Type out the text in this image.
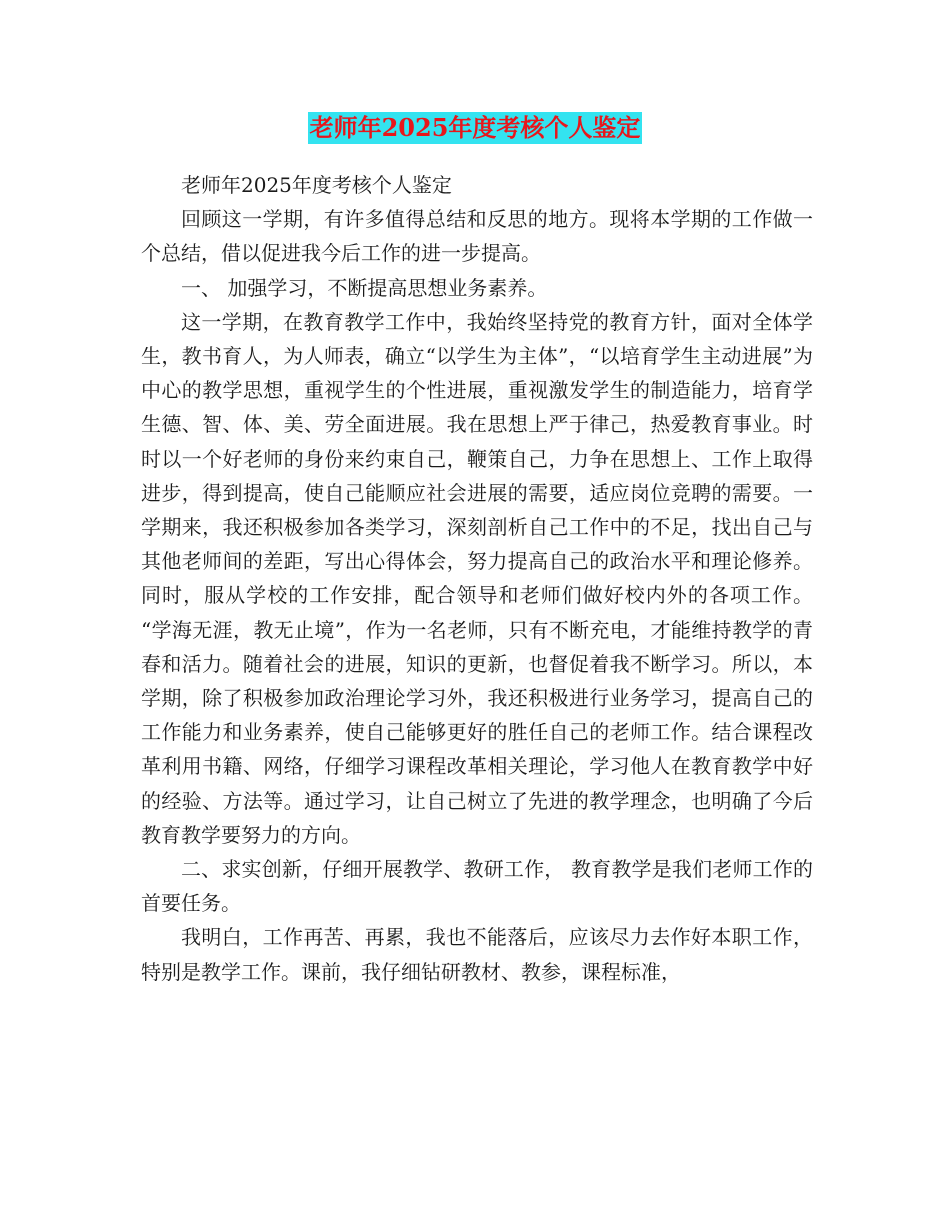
老师年2025年度考核个人鉴定

老师年2025年度考核个人鉴定

回顾这一学期，有许多值得总结和反思的地方。现将本学期的工作做一个总结，借以促进我今后工作的进一步提高。

一、 加强学习，不断提高思想业务素养。

这一学期，在教育教学工作中，我始终坚持党的教育方针，面对全体学生，教书育人，为人师表，确立“以学生为主体”，“以培育学生主动进展”为中心的教学思想，重视学生的个性进展，重视激发学生的制造能力，培育学生德、智、体、美、劳全面进展。我在思想上严于律己，热爱教育事业。时时以一个好老师的身份来约束自己，鞭策自己，力争在思想上、工作上取得进步，得到提高，使自己能顺应社会进展的需要，适应岗位竞聘的需要。一学期来，我还积极参加各类学习，深刻剖析自己工作中的不足，找出自己与其他老师间的差距，写出心得体会，努力提高自己的政治水平和理论修养。同时，服从学校的工作安排，配合领导和老师们做好校内外的各项工作。 “学海无涯，教无止境”，作为一名老师，只有不断充电，才能维持教学的青春和活力。随着社会的进展，知识的更新，也督促着我不断学习。所以，本学期，除了积极参加政治理论学习外，我还积极进行业务学习，提高自己的工作能力和业务素养，使自己能够更好的胜任自己的老师工作。结合课程改革利用书籍、网络，仔细学习课程改革相关理论，学习他人在教育教学中好的经验、方法等。通过学习，让自己树立了先进的教学理念，也明确了今后教育教学要努力的方向。

二、求实创新，仔细开展教学、教研工作， 教育教学是我们老师工作的首要任务。

我明白，工作再苦、再累，我也不能落后，应该尽力去作好本职工作，特别是教学工作。课前，我仔细钻研教材、教参，课程标准，
